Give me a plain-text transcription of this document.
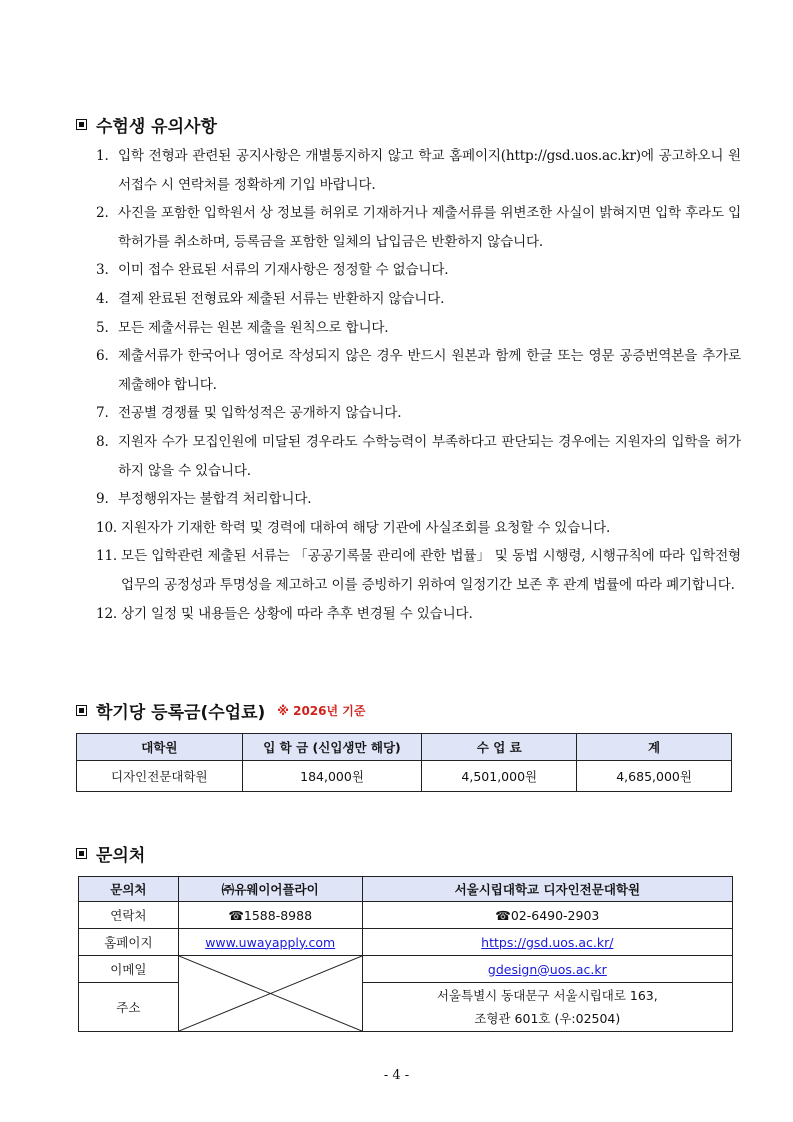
수험생 유의사항
1. 입학 전형과 관련된 공지사항은 개별통지하지 않고 학교 홈페이지(http://gsd.uos.ac.kr)에 공고하오니 원서접수 시 연락처를 정확하게 기입 바랍니다.
2. 사진을 포함한 입학원서 상 정보를 허위로 기재하거나 제출서류를 위변조한 사실이 밝혀지면 입학 후라도 입학허가를 취소하며, 등록금을 포함한 일체의 납입금은 반환하지 않습니다.
3. 이미 접수 완료된 서류의 기재사항은 정정할 수 없습니다.
4. 결제 완료된 전형료와 제출된 서류는 반환하지 않습니다.
5. 모든 제출서류는 원본 제출을 원칙으로 합니다.
6. 제출서류가 한국어나 영어로 작성되지 않은 경우 반드시 원본과 함께 한글 또는 영문 공증번역본을 추가로 제출해야 합니다.
7. 전공별 경쟁률 및 입학성적은 공개하지 않습니다.
8. 지원자 수가 모집인원에 미달된 경우라도 수학능력이 부족하다고 판단되는 경우에는 지원자의 입학을 허가하지 않을 수 있습니다.
9. 부정행위자는 불합격 처리합니다.
10. 지원자가 기재한 학력 및 경력에 대하여 해당 기관에 사실조회를 요청할 수 있습니다.
11. 모든 입학관련 제출된 서류는 「공공기록물 관리에 관한 법률」 및 동법 시행령, 시행규칙에 따라 입학전형 업무의 공정성과 투명성을 제고하고 이를 증빙하기 위하여 일정기간 보존 후 관계 법률에 따라 폐기합니다.
12. 상기 일정 및 내용들은 상황에 따라 추후 변경될 수 있습니다.
학기당 등록금(수업료) ※ 2026년 기준
대학원	입 학 금 (신입생만 해당)	수 업 료	계
디자인전문대학원	184,000원	4,501,000원	4,685,000원
문의처
문의처	㈜유웨이어플라이	서울시립대학교 디자인전문대학원
연락처	☎1588-8988	☎02-6490-2903
홈페이지	www.uwayapply.com	https://gsd.uos.ac.kr/
이메일		gdesign@uos.ac.kr
주소		서울특별시 동대문구 서울시립대로 163,
조형관 601호 (우:02504)
- 4 -
